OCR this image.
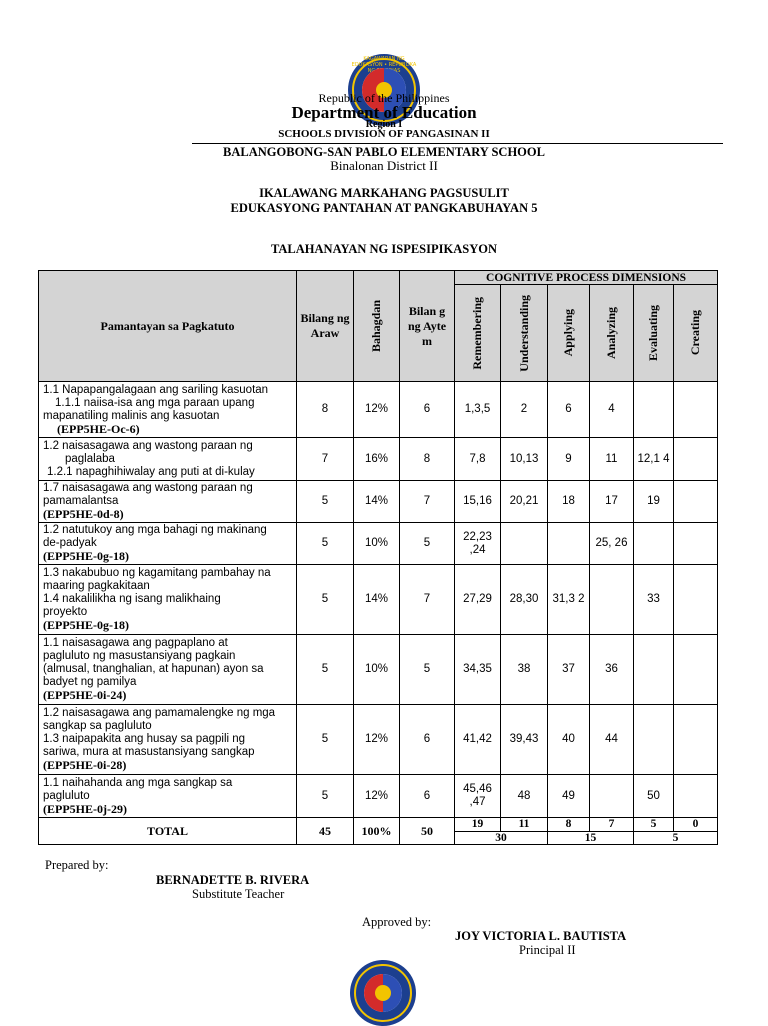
KAGAWARAN NG EDUKASYON • REPUBLIKA
Republic of the Philippines
Department of Education
Region I
SCHOOLS DIVISION OF PANGASINAN II
BALANGOBONG-SAN PABLO ELEMENTARY SCHOOL
Binalonan District II
IKALAWANG MARKAHANG PAGSUSULIT
EDUKASYONG PANTAHAN AT PANGKABUHAYAN 5
TALAHANAYAN NG ISPESIPIKASYON
Pamantayan sa Pagkatuto	Bilang ng Araw	Bahagdan	Bilan g ng Ayte m	COGNITIVE PROCESS DIMENSIONS					

				Remembering	Understanding	Applying	Analyzing	Evaluating	Creating

1.1 Napapangalagaan ang sariling kasuotan
1.1.1 naiisa-isa ang mga paraan upang
mapanatiling malinis ang kasuotan
(EPP5HE-Oc-6)	8	12%	6	1,3,5	2	6	4		

1.2 naisasagawa ang wastong paraan ng
paglalaba
1.2.1 napaghihiwalay ang puti at di-kulay	7	16%	8	7,8	10,13	9	11	12,1 4	

1.7 naisasagawa ang wastong paraan ng
pamamalantsa
(EPP5HE-0d-8)	5	14%	7	15,16	20,21	18	17	19	

1.2 natutukoy ang mga bahagi ng makinang
de-padyak
(EPP5HE-0g-18)	5	10%	5	22,23 ,24			25, 26		

1.3 nakabubuo ng kagamitang pambahay na
maaring pagkakitaan
1.4 nakalilikha ng isang malikhaing
proyekto
(EPP5HE-0g-18)	5	14%	7	27,29	28,30	31,3 2		33	

1.1 naisasagawa ang pagpaplano at
pagluluto ng masustansiyang pagkain
(almusal, tnanghalian, at hapunan) ayon sa
badyet ng pamilya
(EPP5HE-0i-24)	5	10%	5	34,35	38	37	36		

1.2 naisasagawa ang pamamalengke ng mga
sangkap sa pagluluto
1.3 naipapakita ang husay sa pagpili ng
sariwa, mura at masustansiyang sangkap
(EPP5HE-0i-28)	5	12%	6	41,42	39,43	40	44		

1.1 naihahanda ang mga sangkap sa
pagluluto
(EPP5HE-0j-29)	5	12%	6	45,46 ,47	48	49		50	
TOTAL	45	100%	50	19	11	8	7	5	0
				30		15		5	
Prepared by:
BERNADETTE B. RIVERA
Substitute Teacher
Approved by:
JOY VICTORIA L. BAUTISTA
Principal II
